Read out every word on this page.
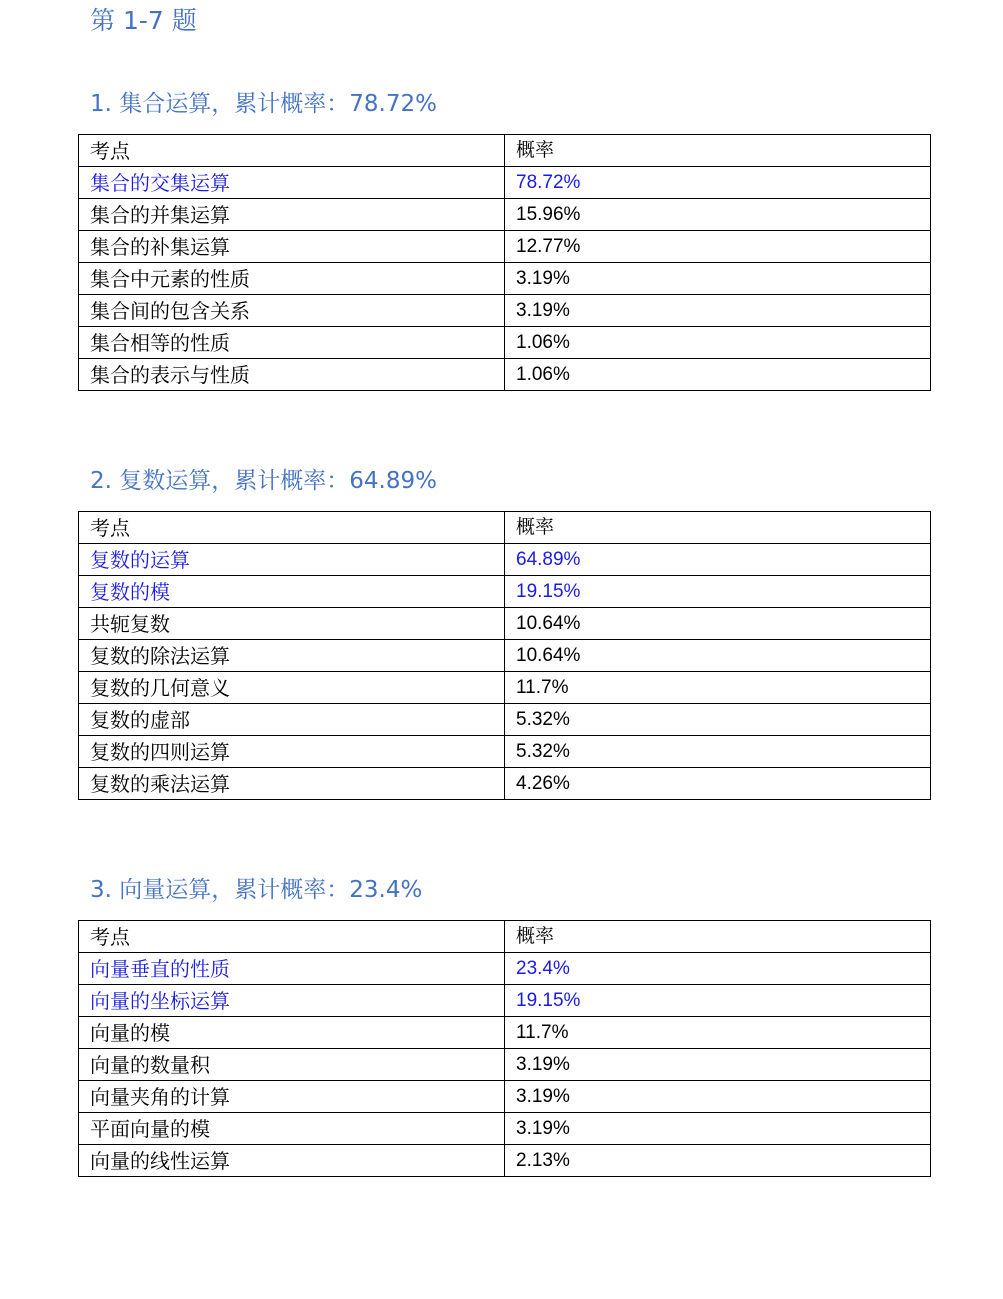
第 1-7 题
1. 集合运算，累计概率：78.72%
考点	概率
集合的交集运算	78.72%
集合的并集运算	15.96%
集合的补集运算	12.77%
集合中元素的性质	3.19%
集合间的包含关系	3.19%
集合相等的性质	1.06%
集合的表示与性质	1.06%
2. 复数运算，累计概率：64.89%
考点	概率
复数的运算	64.89%
复数的模	19.15%
共轭复数	10.64%
复数的除法运算	10.64%
复数的几何意义	11.7%
复数的虚部	5.32%
复数的四则运算	5.32%
复数的乘法运算	4.26%
3. 向量运算，累计概率：23.4%
考点	概率
向量垂直的性质	23.4%
向量的坐标运算	19.15%
向量的模	11.7%
向量的数量积	3.19%
向量夹角的计算	3.19%
平面向量的模	3.19%
向量的线性运算	2.13%
